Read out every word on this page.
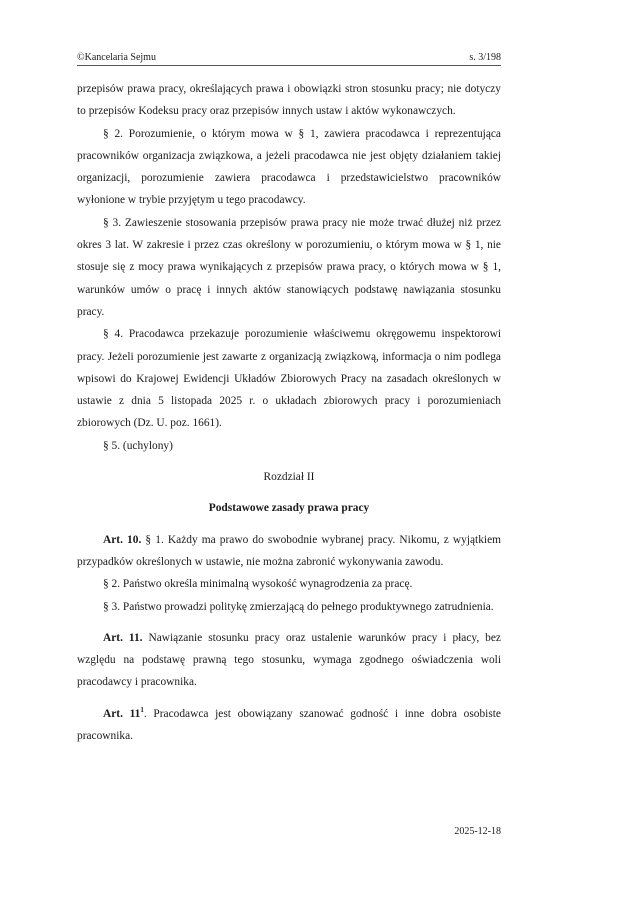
©Kancelaria Sejmu	s. 3/198

przepisów prawa pracy, określających prawa i obowiązki stron stosunku pracy; nie dotyczy to przepisów Kodeksu pracy oraz przepisów innych ustaw i aktów wykonawczych.

§ 2. Porozumienie, o którym mowa w § 1, zawiera pracodawca i reprezentująca pracowników organizacja związkowa, a jeżeli pracodawca nie jest objęty działaniem takiej organizacji, porozumienie zawiera pracodawca i przedstawicielstwo pracowników wyłonione w trybie przyjętym u tego pracodawcy.

§ 3. Zawieszenie stosowania przepisów prawa pracy nie może trwać dłużej niż przez okres 3 lat. W zakresie i przez czas określony w porozumieniu, o którym mowa w § 1, nie stosuje się z mocy prawa wynikających z przepisów prawa pracy, o których mowa w § 1, warunków umów o pracę i innych aktów stanowiących podstawę nawiązania stosunku pracy.

§ 4. Pracodawca przekazuje porozumienie właściwemu okręgowemu inspektorowi pracy. Jeżeli porozumienie jest zawarte z organizacją związkową, informacja o nim podlega wpisowi do Krajowej Ewidencji Układów Zbiorowych Pracy na zasadach określonych w ustawie z dnia 5 listopada 2025 r. o układach zbiorowych pracy i porozumieniach zbiorowych (Dz. U. poz. 1661).

§ 5. (uchylony)

Rozdział II

Podstawowe zasady prawa pracy

Art. 10. § 1. Każdy ma prawo do swobodnie wybranej pracy. Nikomu, z wyjątkiem przypadków określonych w ustawie, nie można zabronić wykonywania zawodu.

§ 2. Państwo określa minimalną wysokość wynagrodzenia za pracę.

§ 3. Państwo prowadzi politykę zmierzającą do pełnego produktywnego zatrudnienia.

Art. 11. Nawiązanie stosunku pracy oraz ustalenie warunków pracy i płacy, bez względu na podstawę prawną tego stosunku, wymaga zgodnego oświadczenia woli pracodawcy i pracownika.

Art. $11^1$. Pracodawca jest obowiązany szanować godność i inne dobra osobiste pracownika.

2025-12-18
